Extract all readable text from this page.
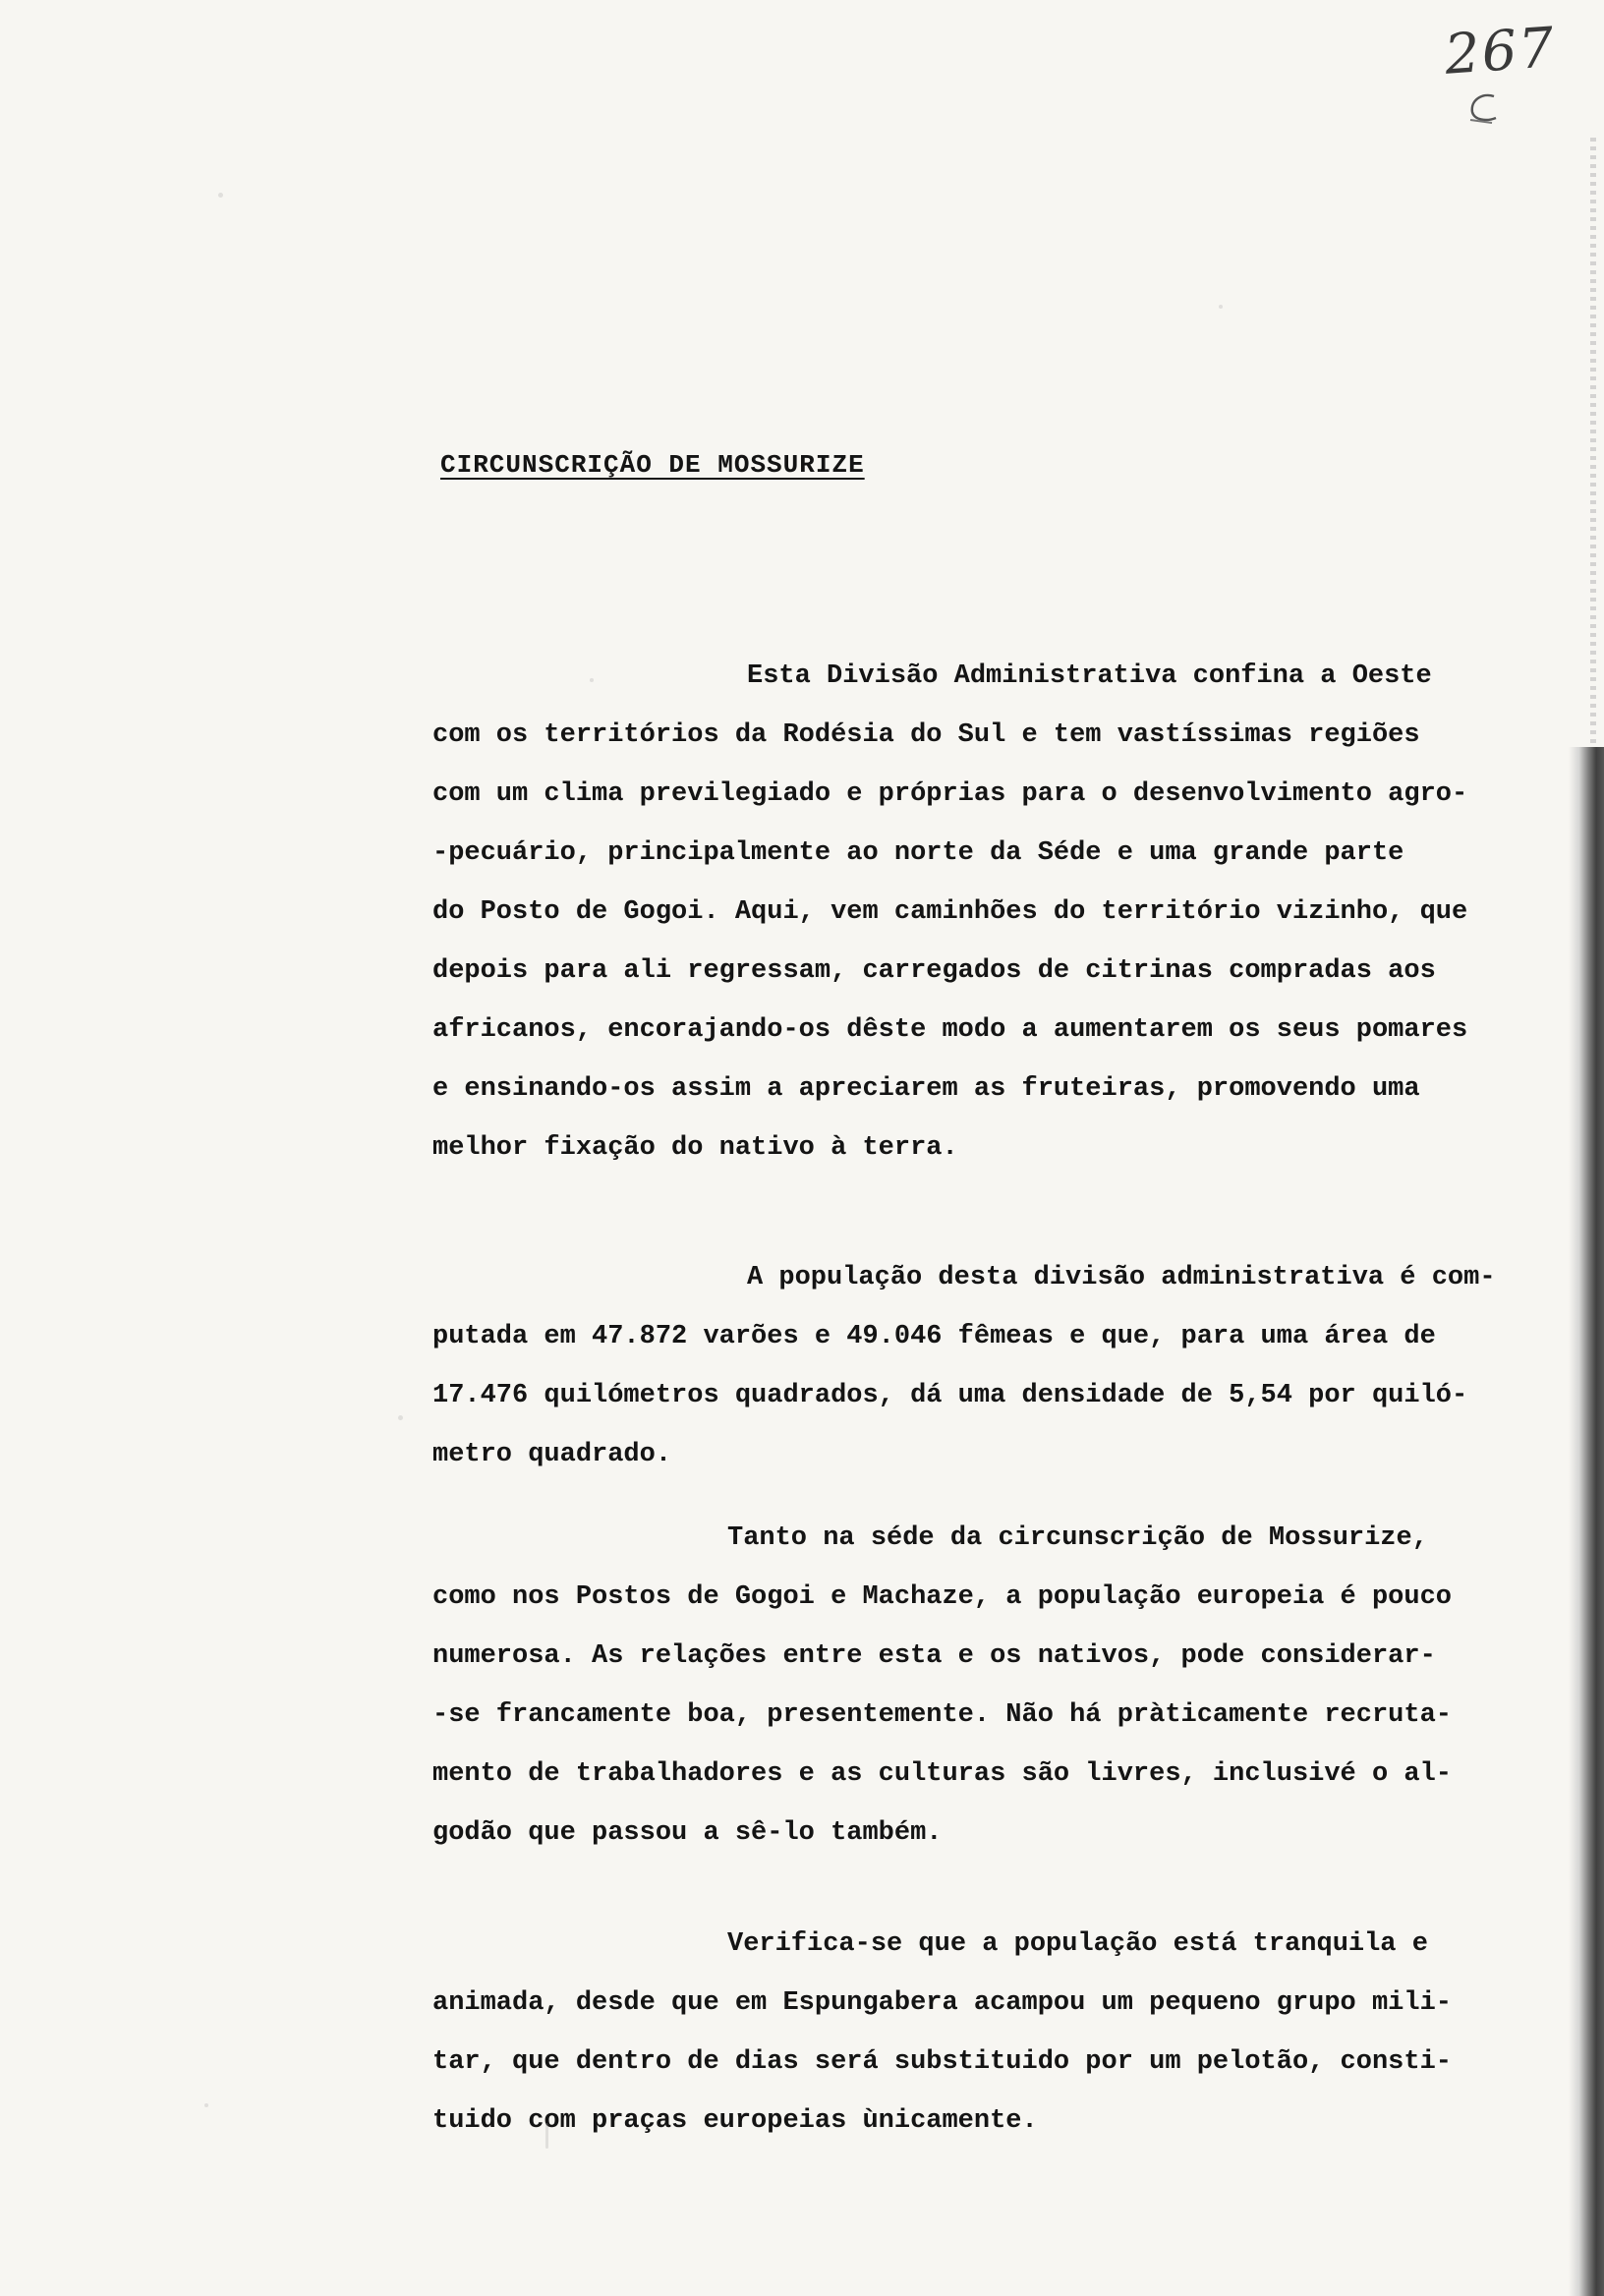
267
CIRCUNSCRIÇÃO DE MOSSURIZE
Esta Divisão Administrativa confina a Oeste
com os territórios da Rodésia do Sul e tem vastíssimas regiões
com um clima previlegiado e próprias para o desenvolvimento agro-
-pecuário, principalmente ao norte da Séde e uma grande parte
do Posto de Gogoi. Aqui, vem caminhões do território vizinho, que
depois para ali regressam, carregados de citrinas compradas aos
africanos, encorajando-os dêste modo a aumentarem os seus pomares
e ensinando-os assim a apreciarem as fruteiras, promovendo uma
melhor fixação do nativo à terra.
A população desta divisão administrativa é com-
putada em 47.872 varões e 49.046 fêmeas e que, para uma área de
17.476 quilómetros quadrados, dá uma densidade de 5,54 por quiló-
metro quadrado.
Tanto na séde da circunscrição de Mossurize,
como nos Postos de Gogoi e Machaze, a população europeia é pouco
numerosa. As relações entre esta e os nativos, pode considerar-
-se francamente boa, presentemente. Não há pràticamente recruta-
mento de trabalhadores e as culturas são livres, inclusivé o al-
godão que passou a sê-lo também.
Verifica-se que a população está tranquila e
animada, desde que em Espungabera acampou um pequeno grupo mili-
tar, que dentro de dias será substituido por um pelotão, consti-
tuido com praças europeias ùnicamente.
